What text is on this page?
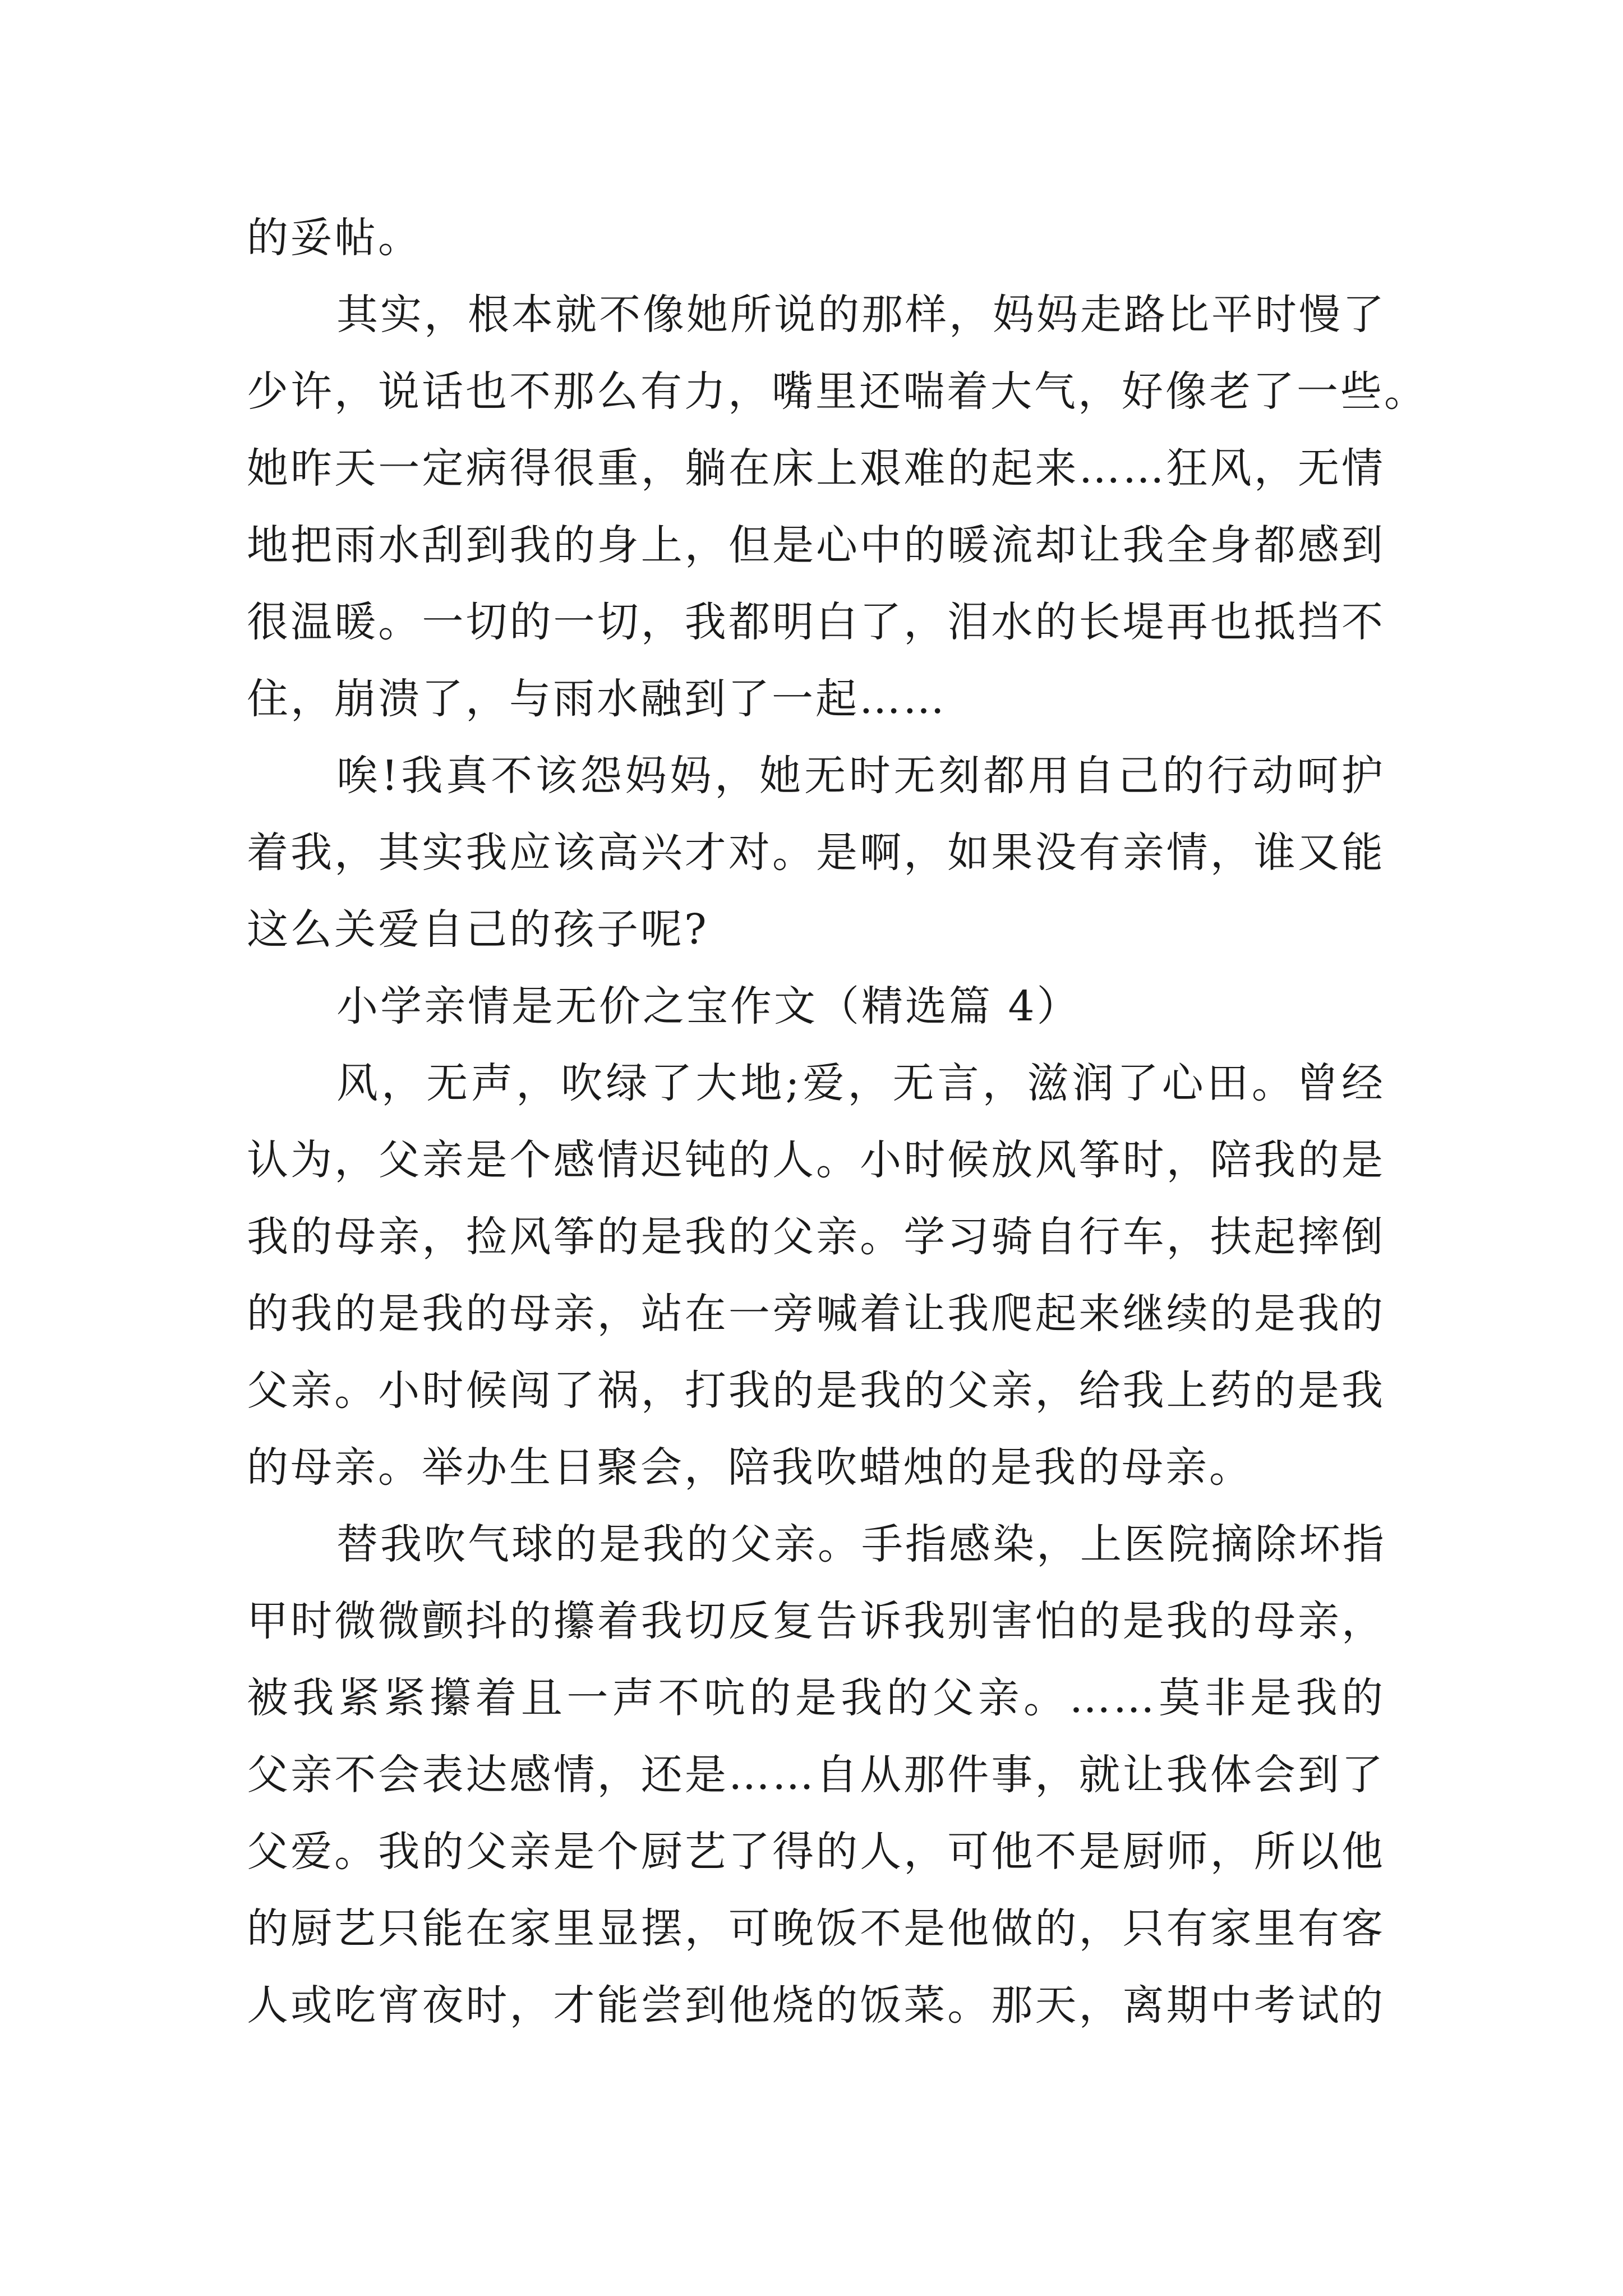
的妥帖。
其实，根本就不像她所说的那样，妈妈走路比平时慢了
少许，说话也不那么有力，嘴里还喘着大气，好像老了一些。
她昨天一定病得很重，躺在床上艰难的起来……狂风，无情
地把雨水刮到我的身上，但是心中的暖流却让我全身都感到
很温暖。一切的一切，我都明白了，泪水的长堤再也抵挡不
住，崩溃了，与雨水融到了一起……
唉!我真不该怨妈妈，她无时无刻都用自己的行动呵护
着我，其实我应该高兴才对。是啊，如果没有亲情，谁又能
这么关爱自己的孩子呢?
小学亲情是无价之宝作文（精选篇 4）
风，无声，吹绿了大地;爱，无言，滋润了心田。曾经
认为，父亲是个感情迟钝的人。小时候放风筝时，陪我的是
我的母亲，捡风筝的是我的父亲。学习骑自行车，扶起摔倒
的我的是我的母亲，站在一旁喊着让我爬起来继续的是我的
父亲。小时候闯了祸，打我的是我的父亲，给我上药的是我
的母亲。举办生日聚会，陪我吹蜡烛的是我的母亲。
替我吹气球的是我的父亲。手指感染，上医院摘除坏指
甲时微微颤抖的攥着我切反复告诉我别害怕的是我的母亲，
被我紧紧攥着且一声不吭的是我的父亲。……莫非是我的
父亲不会表达感情，还是……自从那件事，就让我体会到了
父爱。我的父亲是个厨艺了得的人，可他不是厨师，所以他
的厨艺只能在家里显摆，可晚饭不是他做的，只有家里有客
人或吃宵夜时，才能尝到他烧的饭菜。那天，离期中考试的
